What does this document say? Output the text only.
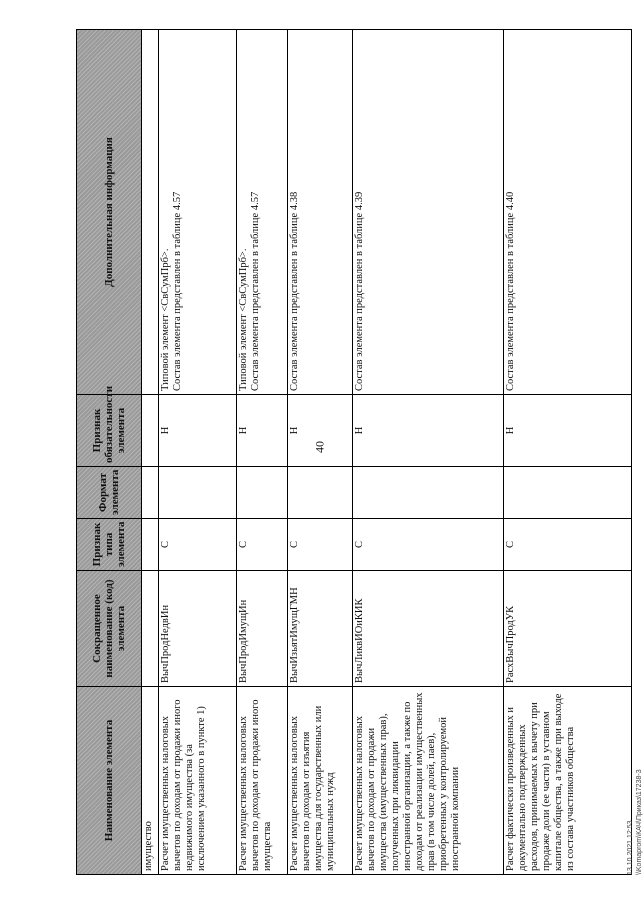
40
Наименование элемента	Сокращенное наименование (код) элемента	Признак типа элемента	Формат элемента	Признак обязательности элемента	Дополнительная информация
имущество					

Расчет имущественных налоговых вычетов по доходам от продажи иного недвижимого имущества (за исключением указанного в пункте 1)	ВычПродНедвИн	С		Н	Типовой элемент <СвСумПрб>. Состав элемента представлен в таблице 4.57

Расчет имущественных налоговых вычетов по доходам от продажи иного имущества	ВычПродИмущИн	С		Н	Типовой элемент <СвСумПрб>. Состав элемента представлен в таблице 4.57

Расчет имущественных налоговых вычетов по доходам от изъятия имущества для государственных или муниципальных нужд	ВычИзьятИмущГМН	С		Н	Состав элемента представлен в таблице 4.38

Расчет имущественных налоговых вычетов по доходам от продажи имущества (имущественных прав), полученных при ликвидации иностранной организации, а также по доходам от реализации имущественных прав (в том числе долей, паев), приобретенных у контролируемой иностранной компании	ВычЛиквИОиКИК	С		Н	Состав элемента представлен в таблице 4.39

Расчет фактически произведенных и документально подтвержденных расходов, принимаемых к вычету при продаже доли (ее части) в уставном капитале общества, а также при выходе из состава участников общества	РасхВычПродУК	С		Н	Состав элемента представлен в таблице 4.40
13.10.2021 12:53 \\Komaprom\КАЧ\Приказ\17238-3
